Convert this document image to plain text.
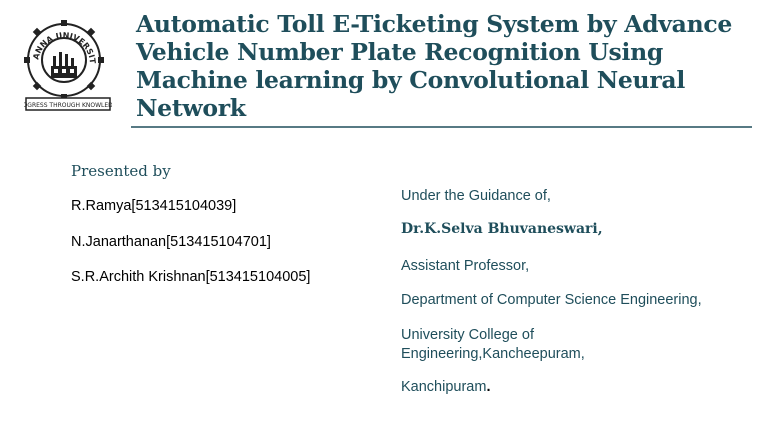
ANNA UNIVERSIT
OGRESS THROUGH KNOWLED
Automatic Toll E-Ticketing System by Advance Vehicle Number Plate Recognition Using Machine learning by Convolutional Neural Network
Presented by
R.Ramya[513415104039]
N.Janarthanan[513415104701]
S.R.Archith Krishnan[513415104005]
Under the Guidance of,
Dr.K.Selva Bhuvaneswari,
Assistant Professor,
Department of Computer Science Engineering,
University College of Engineering,Kancheepuram,
Kanchipuram.
